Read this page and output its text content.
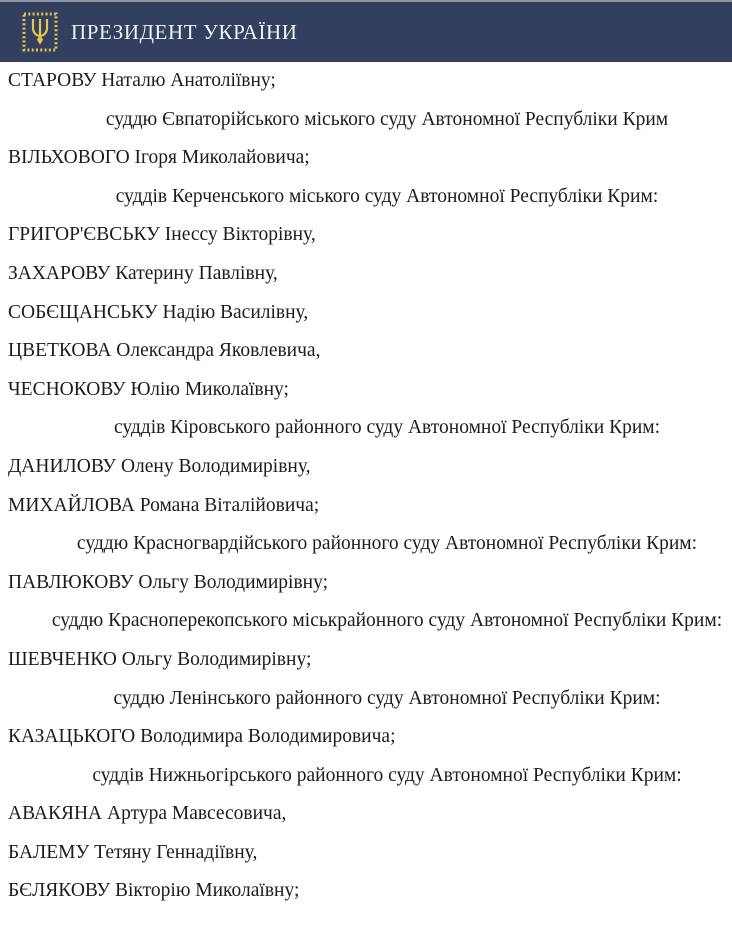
ПРЕЗИДЕНТ УКРАЇНИ

СТАРОВУ Наталю Анатоліївну;

суддю Євпаторійського міського суду Автономної Республіки Крим

ВІЛЬХОВОГО Ігоря Миколайовича;

суддів Керченського міського суду Автономної Республіки Крим:

ГРИГОР'ЄВСЬКУ Інессу Вікторівну,

ЗАХАРОВУ Катерину Павлівну,

СОБЄЩАНСЬКУ Надію Василівну,

ЦВЕТКОВА Олександра Яковлевича,

ЧЕСНОКОВУ Юлію Миколаївну;

суддів Кіровського районного суду Автономної Республіки Крим:

ДАНИЛОВУ Олену Володимирівну,

МИХАЙЛОВА Романа Віталійовича;

суддю Красногвардійського районного суду Автономної Республіки Крим:

ПАВЛЮКОВУ Ольгу Володимирівну;

суддю Красноперекопського міськрайонного суду Автономної Республіки Крим:

ШЕВЧЕНКО Ольгу Володимирівну;

суддю Ленінського районного суду Автономної Республіки Крим:

КАЗАЦЬКОГО Володимира Володимировича;

суддів Нижньогірського районного суду Автономної Республіки Крим:

АВАКЯНА Артура Мавсесовича,

БАЛЕМУ Тетяну Геннадіївну,

БЄЛЯКОВУ Вікторію Миколаївну;
